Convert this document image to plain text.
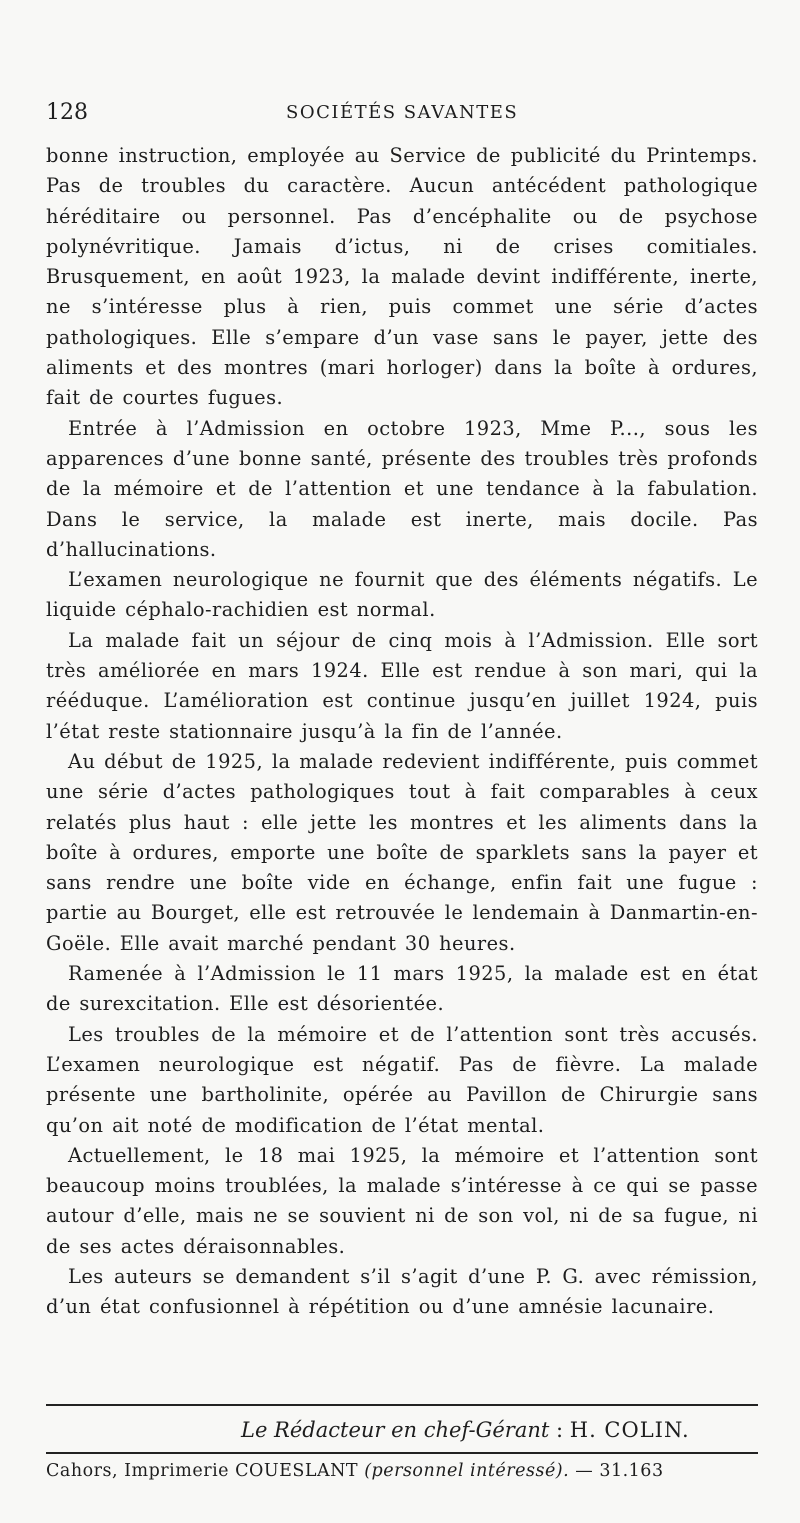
128	SOCIÉTÉS SAVANTES

bonne instruction, employée au Service de publicité du Printemps. Pas de troubles du caractère. Aucun antécédent pathologique héréditaire ou personnel. Pas d’encéphalite ou de psychose polynévritique. Jamais d’ictus, ni de crises comitiales. Brusquement, en août 1923, la malade devint indifférente, inerte, ne s’intéresse plus à rien, puis commet une série d’actes pathologiques. Elle s’empare d’un vase sans le payer, jette des aliments et des montres (mari horloger) dans la boîte à ordures, fait de courtes fugues.

Entrée à l’Admission en octobre 1923, Mme P..., sous les apparences d’une bonne santé, présente des troubles très profonds de la mémoire et de l’attention et une tendance à la fabulation. Dans le service, la malade est inerte, mais docile. Pas d’hallucinations.

L’examen neurologique ne fournit que des éléments négatifs. Le liquide céphalo-rachidien est normal.

La malade fait un séjour de cinq mois à l’Admission. Elle sort très améliorée en mars 1924. Elle est rendue à son mari, qui la rééduque. L’amélioration est continue jusqu’en juillet 1924, puis l’état reste stationnaire jusqu’à la fin de l’année.

Au début de 1925, la malade redevient indifférente, puis commet une série d’actes pathologiques tout à fait comparables à ceux relatés plus haut : elle jette les montres et les aliments dans la boîte à ordures, emporte une boîte de sparklets sans la payer et sans rendre une boîte vide en échange, enfin fait une fugue : partie au Bourget, elle est retrouvée le lendemain à Danmartin-en-Goële. Elle avait marché pendant 30 heures.

Ramenée à l’Admission le 11 mars 1925, la malade est en état de surexcitation. Elle est désorientée.

Les troubles de la mémoire et de l’attention sont très accusés. L’examen neurologique est négatif. Pas de fièvre. La malade présente une bartholinite, opérée au Pavillon de Chirurgie sans qu’on ait noté de modification de l’état mental.

Actuellement, le 18 mai 1925, la mémoire et l’attention sont beaucoup moins troublées, la malade s’intéresse à ce qui se passe autour d’elle, mais ne se souvient ni de son vol, ni de sa fugue, ni de ses actes déraisonnables.

Les auteurs se demandent s’il s’agit d’une P. G. avec rémission, d’un état confusionnel à répétition ou d’une amnésie lacunaire.

Le Rédacteur en chef-Gérant : H. COLIN.
Cahors, Imprimerie COUESLANT (personnel intéressé). — 31.163
